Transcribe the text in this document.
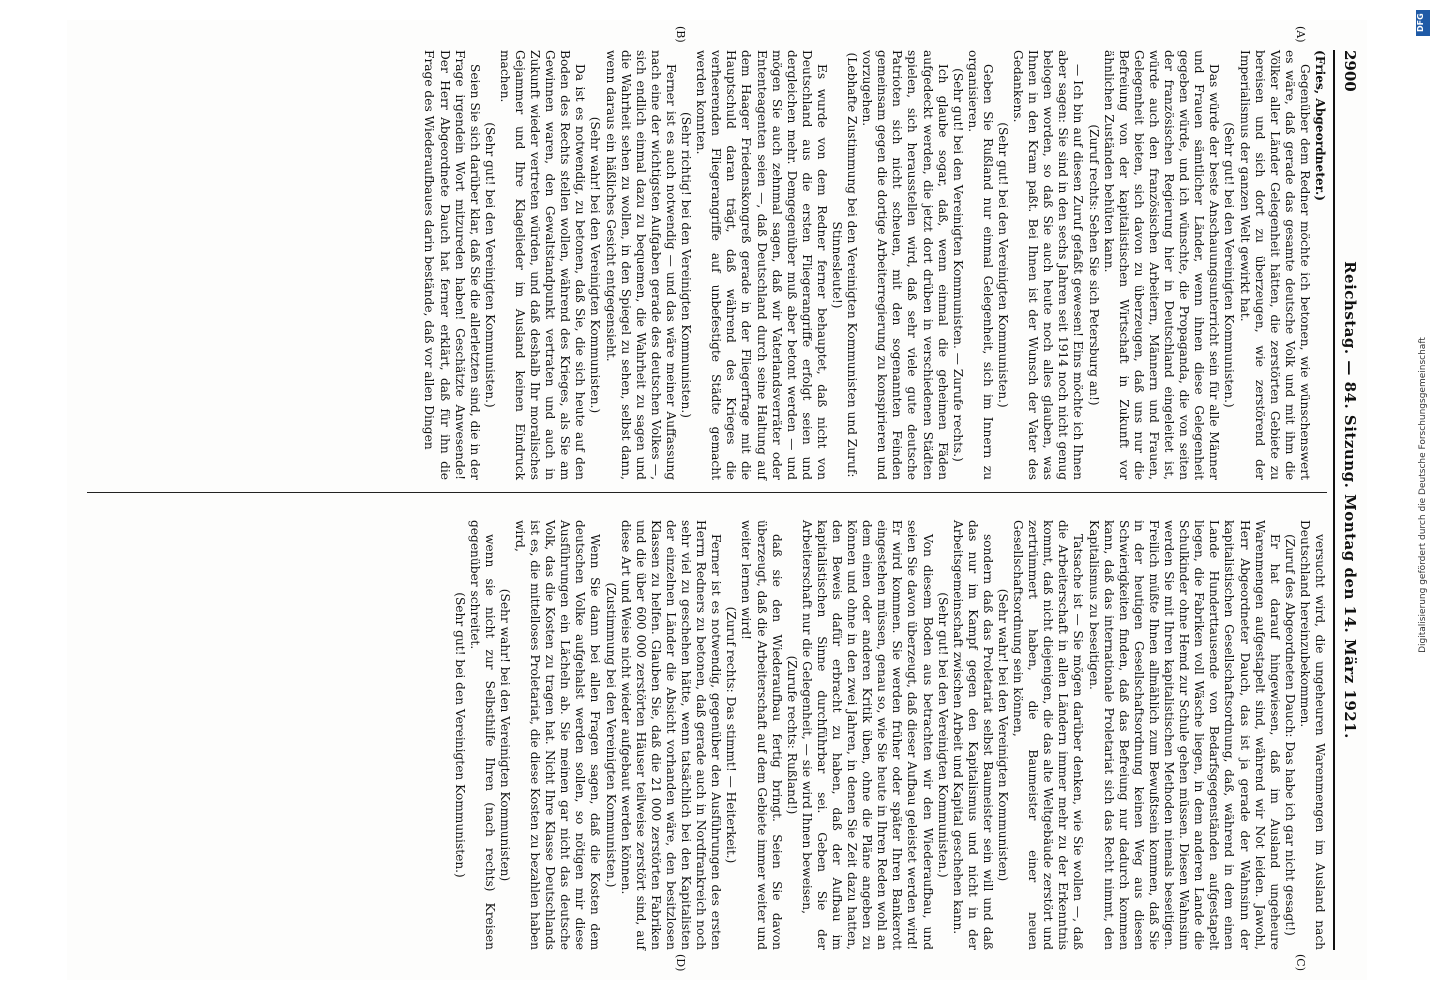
2900
Reichstag. — 84. Sitzung. Montag den 14. März 1921.
(A)
(B)
(C)
(D)

(Fries, Abgeordneter.)

Gegenüber dem Redner möchte ich betonen, wie wünschenswert es wäre, daß gerade das gesamte deutsche Volk und mit ihm die Völker aller Länder Gelegenheit hätten, die zerstörten Gebiete zu bereisen und sich dort zu überzeugen, wie zerstörend der Imperialismus der ganzen Welt gewirkt hat.

(Sehr gut! bei den Vereinigten Kommunisten.)

Das würde der beste Anschauungsunterricht sein für alle Männer und Frauen sämtlicher Länder, wenn ihnen diese Gelegenheit gegeben würde, und ich wünschte, die Propaganda, die von seiten der französischen Regierung hier in Deutschland eingeleitet ist, würde auch den französischen Arbeitern, Männern und Frauen, Gelegenheit bieten, sich davon zu überzeugen, daß uns nur die Befreiung von der kapitalistischen Wirtschaft in Zukunft vor ähnlichen Zuständen behüten kann.

(Zuruf rechts: Sehen Sie sich Petersburg an!)

— Ich bin auf diesen Zuruf gefaßt gewesen! Eins möchte ich Ihnen aber sagen: Sie sind in den sechs Jahren seit 1914 noch nicht genug belogen worden, so daß Sie auch heute noch alles glauben, was Ihnen in den Kram paßt. Bei Ihnen ist der Wunsch der Vater des Gedankens.

(Sehr gut! bei den Vereinigten Kommunisten.)

Geben Sie Rußland nur einmal Gelegenheit, sich im Innern zu organisieren.

(Sehr gut! bei den Vereinigten Kommunisten. — Zurufe rechts.)

Ich glaube sogar, daß, wenn einmal die geheimen Fäden aufgedeckt werden, die jetzt dort drüben in verschiedenen Städten spielen, sich herausstellen wird, daß sehr viele gute deutsche Patrioten sich nicht scheuen, mit den sogenannten Feinden gemeinsam gegen die dortige Arbeiterregierung zu konspirieren und vorzugehen.

(Lebhafte Zustimmung bei den Vereinigten Kommunisten und Zuruf: Stinnesleute!)

Es wurde von dem Redner ferner behauptet, daß nicht von Deutschland aus die ersten Fliegerangriffe erfolgt seien und dergleichen mehr. Demgegenüber muß aber betont werden — und mögen Sie auch zehnmal sagen, daß wir Vaterlandsverräter oder Ententeagenten seien —, daß Deutschland durch seine Haltung auf dem Haager Friedenskongreß gerade in der Fliegerfrage mit die Hauptschuld daran trägt, daß während des Krieges die verheerenden Fliegerangriffe auf unbefestigte Städte gemacht werden konnten.

(Sehr richtig! bei den Vereinigten Kommunisten.)

Ferner ist es auch notwendig — und das wäre meiner Auffassung nach eine der wichtigsten Aufgaben gerade des deutschen Volkes —, sich endlich einmal dazu zu bequemen, die Wahrheit zu sagen und die Wahrheit sehen zu wollen, in den Spiegel zu sehen, selbst dann, wenn daraus ein häßliches Gesicht entgegensieht.

(Sehr wahr! bei den Vereinigten Kommunisten.)

Da ist es notwendig, zu betonen, daß Sie, die sich heute auf den Boden des Rechts stellen wollen, während des Krieges, als Sie am Gewinnen waren, den Gewaltstandpunkt vertraten und auch in Zukunft wieder vertreten würden, und daß deshalb Ihr moralisches Gejammer und Ihre Klagelieder im Ausland keinen Eindruck machen.

(Sehr gut! bei den Vereinigten Kommunisten.)

Seien Sie sich darüber klar, daß Sie die allerletzten sind, die in der Frage irgendein Wort mitzureden haben! Geschätzte Anwesende! Der Herr Abgeordnete Dauch hat ferner erklärt, daß für ihn die Frage des Wiederaufbaues darin bestände, daß vor allen Dingen

versucht wird, die ungeheuren Warenmengen im Ausland nach Deutschland hereinzubekommen.

(Zuruf des Abgeordneten Dauch: Das habe ich gar nicht gesagt!)

Er hat darauf hingewiesen, daß im Ausland ungeheure Warenmengen aufgestapelt sind, während wir Not leiden. Jawohl, Herr Abgeordneter Dauch, das ist ja gerade der Wahnsinn der kapitalistischen Gesellschaftsordnung, daß, während in dem einen Lande Hunderttausende von Bedarfsgegenständen aufgestapelt liegen, die Fabriken voll Wäsche liegen, in dem anderen Lande die Schulkinder ohne Hemd zur Schule gehen müssen. Diesen Wahnsinn werden Sie mit Ihren kapitalistischen Methoden niemals beseitigen. Freilich müßte Ihnen allmählich zum Bewußtsein kommen, daß Sie in der heutigen Gesellschaftsordnung keinen Weg aus diesen Schwierigkeiten finden, daß das Befreiung nur dadurch kommen kann, daß das internationale Proletariat sich das Recht nimmt, den Kapitalismus zu beseitigen.

Tatsache ist — Sie mögen darüber denken, wie Sie wollen —, daß die Arbeiterschaft in allen Ländern immer mehr zu der Erkenntnis kommt, daß nicht diejenigen, die das alte Weltgebäude zerstört und zertrümmert haben, die Baumeister einer neuen Gesellschaftsordnung sein können,

(Sehr wahr! bei den Vereinigten Kommunisten)

sondern daß das Proletariat selbst Baumeister sein will und daß das nur im Kampf gegen den Kapitalismus und nicht in der Arbeitsgemeinschaft zwischen Arbeit und Kapital geschehen kann.

(Sehr gut! bei den Vereinigten Kommunisten.)

Von diesem Boden aus betrachten wir den Wiederaufbau, und seien Sie davon überzeugt, daß dieser Aufbau geleistet werden wird! Er wird kommen. Sie werden früher oder später Ihren Bankerott eingestehen müssen, genau so, wie Sie heute in Ihren Reden wohl an dem einen oder anderen Kritik üben, ohne die Pläne angeben zu können und ohne in den zwei Jahren, in denen Sie Zeit dazu hatten, den Beweis dafür erbracht zu haben, daß der Aufbau im kapitalistischen Sinne durchführbar sei. Geben Sie der Arbeiterschaft nur die Gelegenheit, — sie wird Ihnen beweisen,

(Zurufe rechts: Rußland!)

daß sie den Wiederaufbau fertig bringt. Seien Sie davon überzeugt, daß die Arbeiterschaft auf dem Gebiete immer weiter und weiter lernen wird!

(Zuruf rechts: Das stimmt! — Heiterkeit.)

Ferner ist es notwendig, gegenüber den Ausführungen des ersten Herrn Redners zu betonen, daß gerade auch in Nordfrankreich noch sehr viel zu geschehen hätte, wenn tatsächlich bei den Kapitalisten der einzelnen Länder die Absicht vorhanden wäre, den besitzlosen Klassen zu helfen. Glauben Sie, daß die 21 000 zerstörten Fabriken und die über 600 000 zerstörten Häuser teilweise zerstört sind, auf diese Art und Weise nicht wieder aufgebaut werden können.

(Zustimmung bei den Vereinigten Kommunisten.)

Wenn Sie dann bei allen Fragen sagen, daß die Kosten dem deutschen Volke aufgehalst werden sollen, so nötigen mir diese Ausführungen ein Lächeln ab. Sie meinen gar nicht das deutsche Volk, das die Kosten zu tragen hat. Nicht Ihre Klasse Deutschlands ist es, die mittelloses Proletariat, die diese Kosten zu bezahlen haben wird,

(Sehr wahr! bei den Vereinigten Kommunisten)

wenn sie nicht zur Selbsthilfe Ihren (nach rechts) Kreisen gegenüber schreitet.

(Sehr gut! bei den Vereinigten Kommunisten.)

DFG
Digitalisierung gefördert durch die Deutsche Forschungsgemeinschaft
